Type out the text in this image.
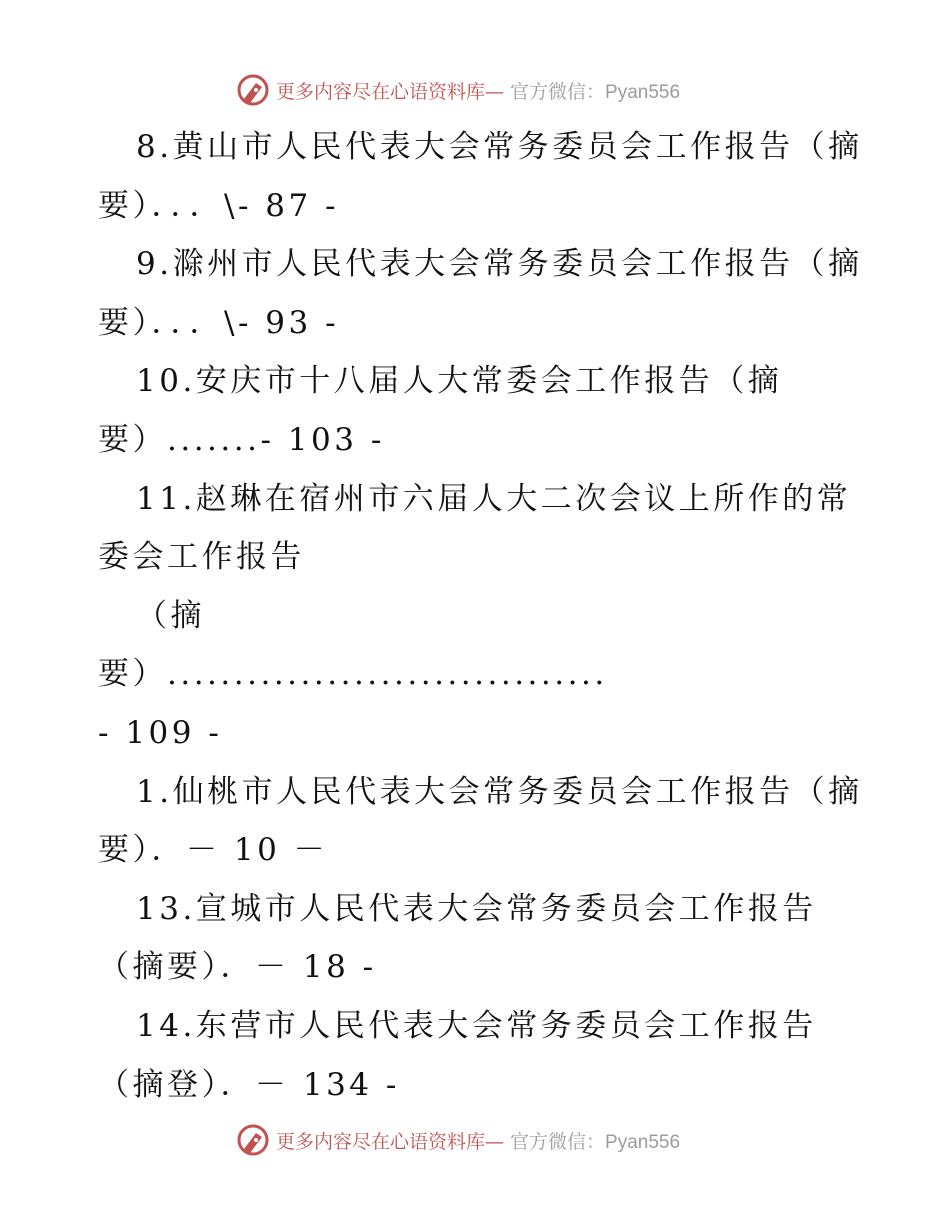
更多内容尽在心语资料库— 官方微信：Pyan556
8.黄山市人民代表大会常务委员会工作报告（摘
要）．．．\- 87 -
9.滁州市人民代表大会常务委员会工作报告（摘
要）．．．\- 93 -
10.安庆市十八届人大常委会工作报告（摘
要）.......- 103 -
11.赵琳在宿州市六届人大二次会议上所作的常
委会工作报告
（摘
要）.................................
- 109 -
1.仙桃市人民代表大会常务委员会工作报告（摘
要）．－ 10 －
13.宣城市人民代表大会常务委员会工作报告
（摘要）．－ 18 -
14.东营市人民代表大会常务委员会工作报告
（摘登）．－ 134 -
更多内容尽在心语资料库— 官方微信：Pyan556
